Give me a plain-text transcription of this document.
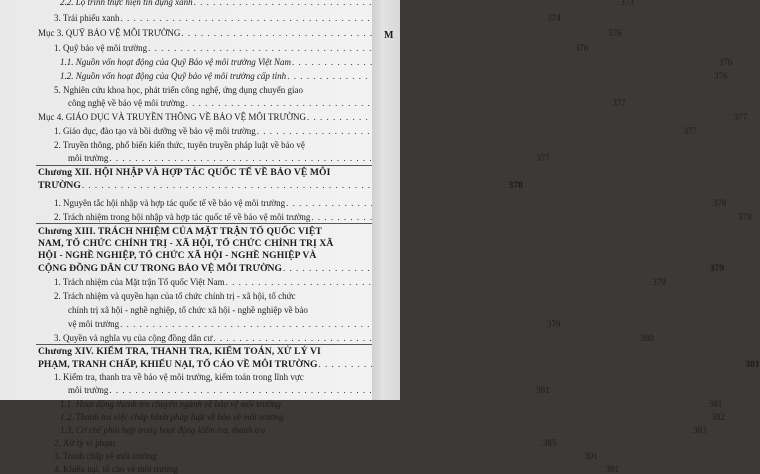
2.2. Lộ trình thực hiện tín dụng xanh . . .	373
3. Trái phiếu xanh . . .	374
Mục 3. QUỸ BẢO VỆ MÔI TRƯỜNG . . .	376
1. Quỹ bảo vệ môi trường . . .	376
1.1. Nguồn vốn hoạt động của Quỹ Bảo vệ môi trường Việt Nam . . .	376
1.2. Nguồn vốn hoạt động của Quỹ bảo vệ môi trường cấp tỉnh . . .	376
5. Nghiên cứu khoa học, phát triển công nghệ, ứng dụng chuyển giao
công nghệ về bảo vệ môi trường . . .	377
Mục 4. GIÁO DỤC VÀ TRUYỀN THÔNG VỀ BẢO VỆ MÔI TRƯỜNG . . .	377
1. Giáo dục, đào tạo và bồi dưỡng về bảo vệ môi trường . . .	377
2. Truyền thông, phổ biến kiến thức, tuyên truyền pháp luật về bảo vệ
môi trường . . .	377
Chương XII. HỘI NHẬP VÀ HỢP TÁC QUỐC TẾ VỀ BẢO VỆ MÔI
TRƯỜNG . . .	378
1. Nguyên tắc hội nhập và hợp tác quốc tế về bảo vệ môi trường . . .	378
2. Trách nhiệm trong hội nhập và hợp tác quốc tế về bảo vệ môi trường . . .	378
Chương XIII. TRÁCH NHIỆM CỦA MẶT TRẬN TỔ QUỐC VIỆT
NAM, TỔ CHỨC CHÍNH TRỊ - XÃ HỘI, TỔ CHỨC CHÍNH TRỊ XÃ
HỘI - NGHỀ NGHIỆP, TỔ CHỨC XÃ HỘI - NGHỀ NGHIỆP VÀ
CỘNG ĐỒNG DÂN CƯ TRONG BẢO VỆ MÔI TRƯỜNG . . .	379
1. Trách nhiệm của Mặt trận Tổ quốc Việt Nam . . .	379
2. Trách nhiệm và quyền hạn của tổ chức chính trị - xã hội, tổ chức
chính trị xã hội - nghề nghiệp, tổ chức xã hội - nghề nghiệp về bảo
vệ môi trường . . .	379
3. Quyền và nghĩa vụ của cộng đồng dân cư . . .	380
Chương XIV. KIỂM TRA, THANH TRA, KIỂM TOÁN, XỬ LÝ VI
PHẠM, TRANH CHẤP, KHIẾU NẠI, TỐ CÁO VỀ MÔI TRƯỜNG . . .	381
1. Kiểm tra, thanh tra về bảo vệ môi trường, kiểm toán trong lĩnh vực
môi trường . . .	381
1.1. Hoạt động thanh tra chuyên ngành về bảo vệ môi trường . . .	381
1.2. Thanh tra việc chấp hành pháp luật về bảo vệ môi trường . . .	382
1.3. Cơ chế phối hợp trong hoạt động kiểm tra, thanh tra . . .	383
2. Xử lý vi phạm . . .	385
3. Tranh chấp về môi trường . . .	391
4. Khiếu nại, tố cáo về môi trường . . .	391
M
